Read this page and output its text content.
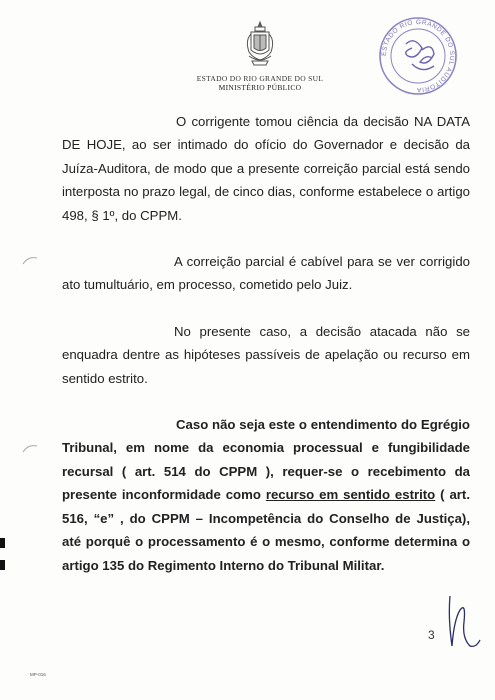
ESTADO DO RIO GRANDE DO SUL
MINISTÉRIO PÚBLICO
ESTADO RIO GRANDE DO SUL AUDITORIA

O corrigente tomou ciência da decisão NA DATA DE HOJE, ao ser intimado do ofício do Governador e decisão da Juíza-Auditora, de modo que a presente correição parcial está sendo interposta no prazo legal, de cinco dias, conforme estabelece o artigo 498, § 1º, do CPPM.

A correição parcial é cabível para se ver corrigido ato tumultuário, em processo, cometido pelo Juiz.

No presente caso, a decisão atacada não se enquadra dentre as hipóteses passíveis de apelação ou recurso em sentido estrito.

Caso não seja este o entendimento do Egrégio Tribunal, em nome da economia processual e fungibilidade recursal ( art. 514 do CPPM ), requer-se o recebimento da presente inconformidade como recurso em sentido estrito ( art. 516, “e” , do CPPM – Incompetência do Conselho de Justiça), até porquê o processamento é o mesmo, conforme determina o artigo 135 do Regimento Interno do Tribunal Militar.

3
MP-016
